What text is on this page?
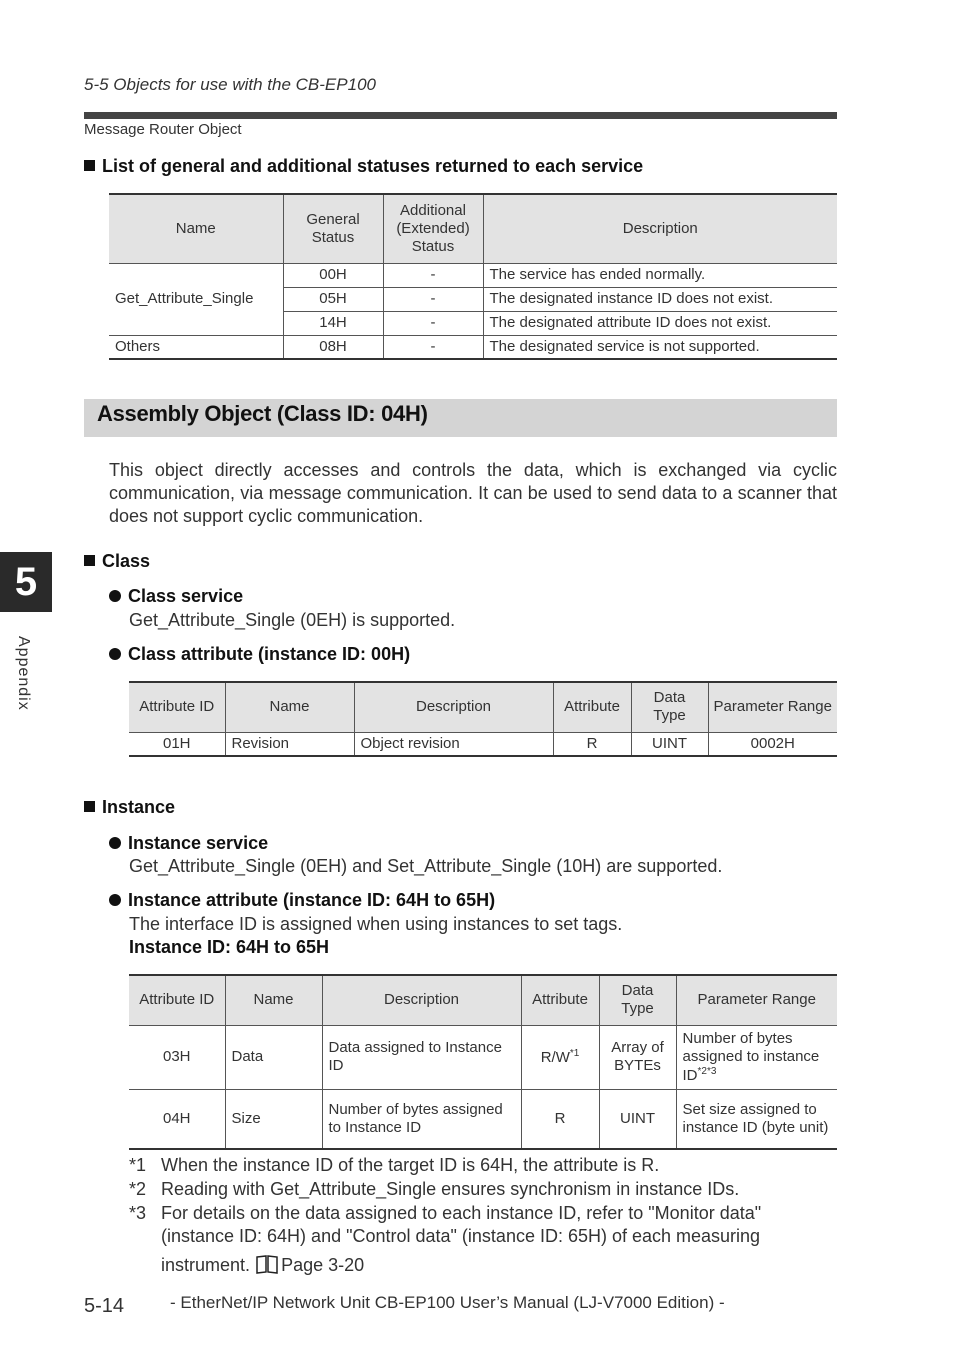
5-5 Objects for use with the CB-EP100
Message Router Object
List of general and additional statuses returned to each service
Name	General Status	Additional (Extended) Status	Description
Get_Attribute_Single	00H	-	The service has ended normally.
	05H	-	The designated instance ID does not exist.
	14H	-	The designated attribute ID does not exist.
Others	08H	-	The designated service is not supported.
Assembly Object (Class ID: 04H)
This object directly accesses and controls the data, which is exchanged via cyclic communication, via message communication. It can be used to send data to a scanner that does not support cyclic communication.
5
Appendix
Class
Class service
Get_Attribute_Single (0EH) is supported.
Class attribute (instance ID: 00H)
Attribute ID	Name	Description	Attribute	Data Type	Parameter Range
01H	Revision	Object revision	R	UINT	0002H
Instance
Instance service
Get_Attribute_Single (0EH) and Set_Attribute_Single (10H) are supported.
Instance attribute (instance ID: 64H to 65H)
The interface ID is assigned when using instances to set tags.
Instance ID: 64H to 65H
Attribute ID	Name	Description	Attribute	Data Type	Parameter Range
03H	Data	Data assigned to Instance ID	$R/W^{*1}$	Array of BYTEs	Number of bytes assigned to instance $ID^{*2*3}$
04H	Size	Number of bytes assigned to Instance ID	R	UINT	Set size assigned to instance ID (byte unit)
*1 When the instance ID of the target ID is 64H, the attribute is R.
*2 Reading with Get_Attribute_Single ensures synchronism in instance IDs.
*3 For details on the data assigned to each instance ID, refer to "Monitor data"
(instance ID: 64H) and "Control data" (instance ID: 65H) of each measuring
instrument. Page 3-20
5-14	- EtherNet/IP Network Unit CB-EP100 User’s Manual (LJ-V7000 Edition) -
